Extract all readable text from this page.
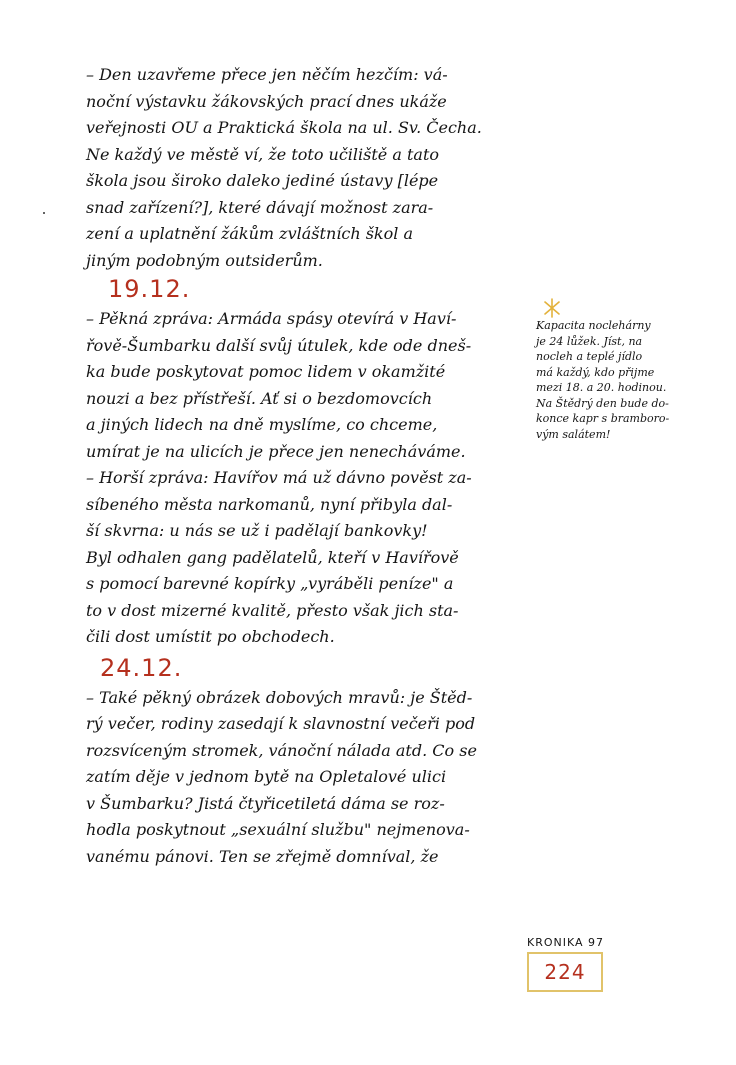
– Den uzavřeme přece jen něčím hezčím: vá-
noční výstavku žákovských prací dnes ukáže
veřejnosti OU a Praktická škola na ul. Sv. Čecha.
Ne každý ve městě ví, že toto učiliště a tato
škola jsou široko daleko jediné ústavy [lépe
snad zařízení?], které dávají možnost zara-
zení a uplatnění žákům zvláštních škol a
jiným podobným outsiderům.
19.12.
– Pěkná zpráva: Armáda spásy otevírá v Haví-
řově-Šumbarku další svůj útulek, kde ode dneš-
ka bude poskytovat pomoc lidem v okamžité
nouzi a bez přístřeší. Ať si o bezdomovcích
a jiných lidech na dně myslíme, co chceme,
umírat je na ulicích je přece jen nenecháváme.
– Horší zpráva: Havířov má už dávno pověst za-
síbeného města narkomanů, nyní přibyla dal-
ší skvrna: u nás se už i padělají bankovky!
Byl odhalen gang padělatelů, kteří v Havířově
s pomocí barevné kopírky „vyráběli peníze" a
to v dost mizerné kvalitě, přesto však jich sta-
čili dost umístit po obchodech.
24.12.
– Také pěkný obrázek dobových mravů: je Štěd-
rý večer, rodiny zasedají k slavnostní večeři pod
rozsvíceným stromek, vánoční nálada atd. Co se
zatím děje v jednom bytě na Opletalové ulici
v Šumbarku? Jistá čtyřicetiletá dáma se roz-
hodla poskytnout „sexuální službu" nejmenova-
vanému pánovi. Ten se zřejmě domníval, že
Kapacita noclehárny
je 24 lůžek. Jíst, na
nocleh a teplé jídlo
má každý, kdo přijme
mezi 18. a 20. hodinou.
Na Štědrý den bude do-
konce kapr s bramboro-
vým salátem!
KRONIKA 97
224
